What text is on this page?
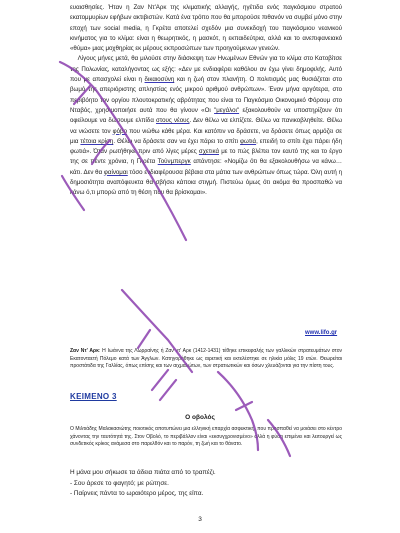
ευαισθησίες. Ήταν η Ζαν Ντ'Αρκ της κλιματικής αλλαγής, ηγέτιδα ενός παγκόσμιου στρατού εκατομμυρίων εφήβων ακτιβιστών. Κατά ένα τρόπο που θα μπορούσε πιθανόν να συμβεί μόνο στην εποχή των social media, η Γκρέτα αποτελεί σχεδόν μια συνεκδοχή του παγκόσμιου νεανικού κινήματος για το κλίμα: είναι η θεωρητικός, η μασκότ, η εκπαιδεύτρια, αλλά και το ανεπιφανειακό «θύμα» μιας μοχθηρίας εκ μέρους εκπροσώπων των προηγούμενων γενεών.
Λίγους μήνες μετά, θα μιλούσε στην διάσκεψη των Ηνωμένων Εθνών για το κλίμα στο Κατοβίτσε της Πολωνίας, καταλήγοντας ως εξής: «Δεν με ενδιαφέρει καθόλου αν έχω γίνει δημοφιλής. Αυτό που με απασχολεί είναι η δικαιοσύνη και η ζωή στον πλανήτη. Ο πολιτισμός μας θυσιάζεται στο βωμό της απεριόριστης απληστίας ενός μικρού αριθμού ανθρώπων». Έναν μήνα αργότερα, στο περιβόητο τον οργίου πλουτοκρατικής αβρότητας που είναι το Παγκόσμιο Οικονομικό Φόρουμ στο Νταβός, χρησιμοποιήσε αυτά που θα γίνουν «Οι "μεγάλοι" εξακολουθούν να υποστηρίζουν ότι οφείλουμε να δώσουμε ελπίδα στους νέους. Δεν θέλω να ελπίζετε. Θέλω να πανικοβληθείτε. Θέλω να νιώσετε τον φόβο που νιώθω κάθε μέρα. Και κατόπιν να δράσετε, να δράσετε όπως αρμόζει σε μια τέτοια κρίση. Θέλω να δράσετε σαν να έχει πάρει το σπίτι φωτιά, επειδή το σπίτι έχει πάρει ήδη φωτιά». Όταν ρωτήθηκε πριν από λίγες μέρες σχετικά με το πώς βλέπει τον εαυτό της και το έργο της σε πέντε χρόνια, η Γκρέτα Τούνμπεργκ απάντησε: «Νομίζω ότι θα εξακολουθήσω να κάνω…κάτι. Δεν θα φαίνομαι τόσο ενδιαφέρουσα βέβαια στα μάτια των ανθρώπων όπως τώρα. Όλη αυτή η δημοσιότητα αναπόφευκτα θα σβήσει κάποια στιγμή. Πιστεύω όμως ότι ακόμα θα προσπαθώ να κάνω ό,τι μπορώ από τη θέση που θα βρίσκομαι».

www.lifo.gr

Ζαν Ντ' Αρκ: Η Ιωάννα της Λωρραίνης ή Ζαν ντ' Αρκ (1412-1431) τέθηκε επικεφαλής των γαλλικών στρατευμάτων στον Εκατονταετή Πόλεμο κατά των Άγγλων. Κατηγορήθηκε ως αιρετική και εκτελέστηκε σε ηλικία μόλις 19 ετών. Θεωρείται προστάτιδα της Γαλλίας, όπως επίσης και των αιχμαλώτων, των στρατιωτικών και όσων χλευάζονται για την πίστη τους.

ΚΕΙΜΕΝΟ 3
Ο οβολός

Ο Μιλτιάδης Μαλακασιώτης ποιοτικός αποτυπώνει μια ελληνική επαρχία ασφυκτική, που προσπαθεί να μοιάσει στο κέντρο χάνοντας την ταυτότητά της. Στον Οβολό, το περιβάλλον είναι «εκσυγχρονισμένο» αλλά η φύση επιμένει και λειτουργεί ως συνδετικός κρίκος ανάμεσα στο παρελθόν και το παρόν, τη ζωή και το θάνατο.

Η μάνα μου σήκωσε τα άδεια πιάτα από το τραπέζι.
- Σου άρεσε το φαγητό; με ρώτησε.
- Παίρνεις πάντα το ωραιότερο μέρος, της είπα.
3
